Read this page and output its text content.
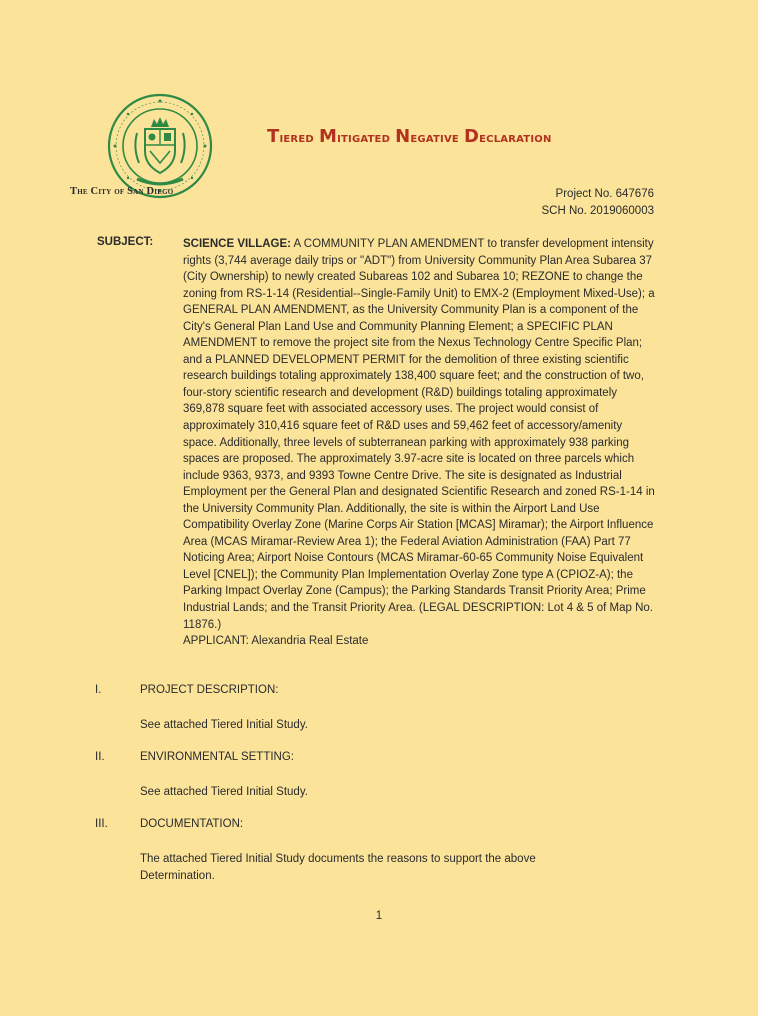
Tiered Mitigated Negative Declaration
The City of San Diego	Project No. 647676
SCH No. 2019060003
SUBJECT:	SCIENCE VILLAGE: A COMMUNITY PLAN AMENDMENT to transfer development intensity rights (3,744 average daily trips or "ADT") from University Community Plan Area Subarea 37 (City Ownership) to newly created Subareas 102 and Subarea 10; REZONE to change the zoning from RS-1-14 (Residential--Single-Family Unit) to EMX-2 (Employment Mixed-Use); a GENERAL PLAN AMENDMENT, as the University Community Plan is a component of the City's General Plan Land Use and Community Planning Element; a SPECIFIC PLAN AMENDMENT to remove the project site from the Nexus Technology Centre Specific Plan; and a PLANNED DEVELOPMENT PERMIT for the demolition of three existing scientific research buildings totaling approximately 138,400 square feet; and the construction of two, four-story scientific research and development (R&D) buildings totaling approximately 369,878 square feet with associated accessory uses. The project would consist of approximately 310,416 square feet of R&D uses and 59,462 feet of accessory/amenity space. Additionally, three levels of subterranean parking with approximately 938 parking spaces are proposed. The approximately 3.97-acre site is located on three parcels which include 9363, 9373, and 9393 Towne Centre Drive. The site is designated as Industrial Employment per the General Plan and designated Scientific Research and zoned RS-1-14 in the University Community Plan. Additionally, the site is within the Airport Land Use Compatibility Overlay Zone (Marine Corps Air Station [MCAS] Miramar); the Airport Influence Area (MCAS Miramar-Review Area 1); the Federal Aviation Administration (FAA) Part 77 Noticing Area; Airport Noise Contours (MCAS Miramar-60-65 Community Noise Equivalent Level [CNEL]); the Community Plan Implementation Overlay Zone type A (CPIOZ-A); the Parking Impact Overlay Zone (Campus); the Parking Standards Transit Priority Area; Prime Industrial Lands; and the Transit Priority Area. (LEGAL DESCRIPTION: Lot 4 & 5 of Map No. 11876.)

APPLICANT: Alexandria Real Estate

I.	PROJECT DESCRIPTION:
See attached Tiered Initial Study.
II.	ENVIRONMENTAL SETTING:
See attached Tiered Initial Study.
III.	DOCUMENTATION:
The attached Tiered Initial Study documents the reasons to support the above Determination.
1
